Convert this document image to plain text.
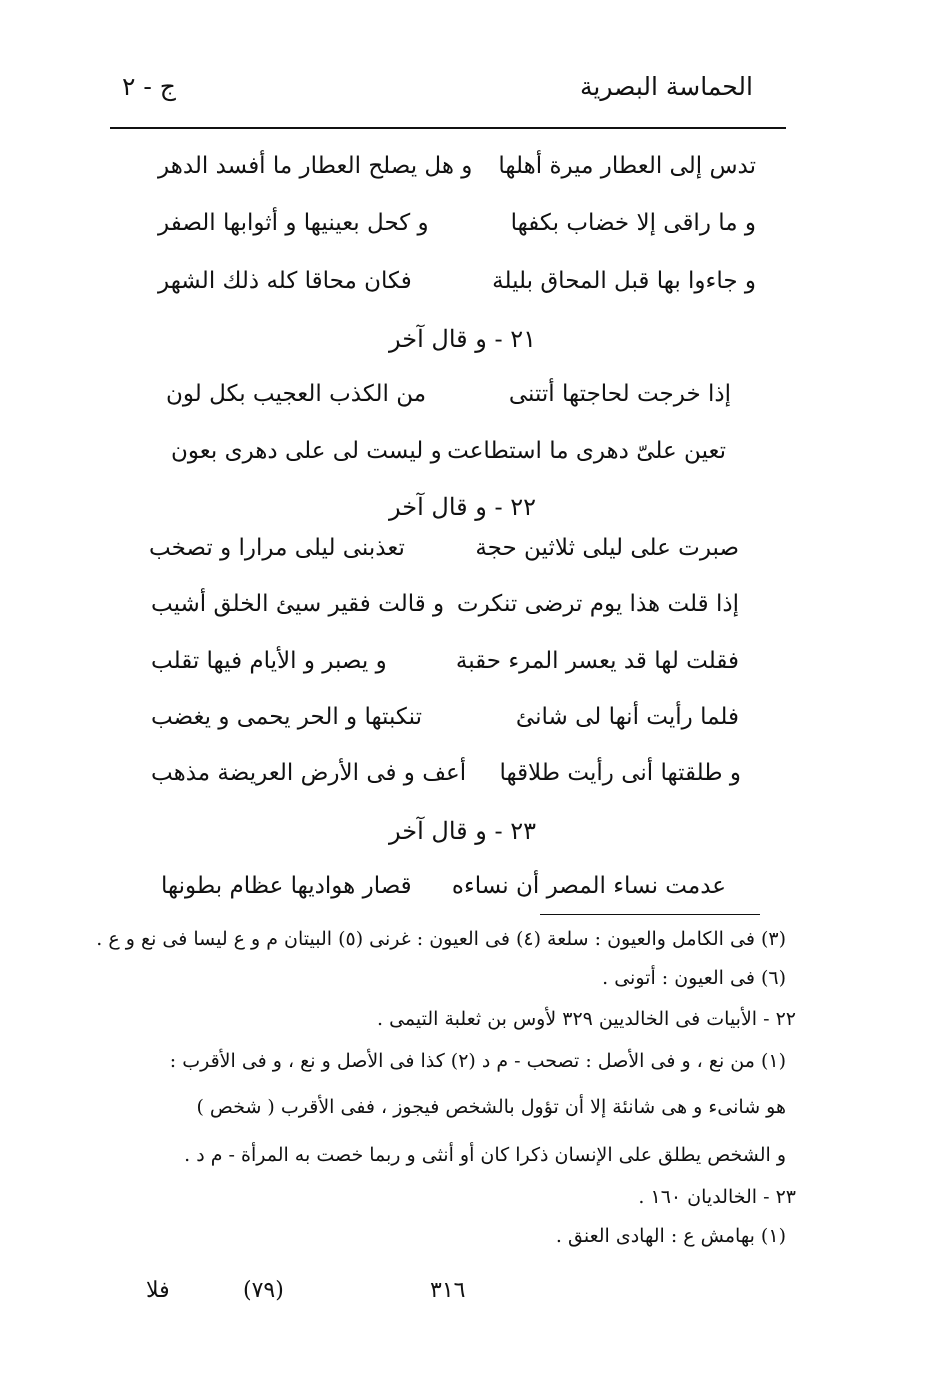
الحماسة البصرية
ج - ٢
تدس إلى العطار ميرة أهلها
و هل يصلح العطار ما أفسد الدهر
و ما راقى إلا خضاب بكفها
و كحل بعينيها و أثوابها الصفر
و جاءوا بها قبل المحاق بليلة
فكان محاقا كله ذلك الشهر
٢١ - و قال آخر
إذا خرجت لحاجتها أتتنى
من الكذب العجيب بكل لون
تعين علىّ دهرى ما استطاعت
و ليست لى على دهرى بعون
٢٢ - و قال آخر
صبرت على ليلى ثلاثين حجة
تعذبنى ليلى مرارا و تصخب
إذا قلت هذا يوم ترضى تنكرت
و قالت فقير سيئ الخلق أشيب
فقلت لها قد يعسر المرء حقبة
و يصبر و الأيام فيها تقلب
فلما رأيت أنها لى شانئ
تنكبتها و الحر يحمى و يغضب
و طلقتها أنى رأيت طلاقها
أعف و فى الأرض العريضة مذهب
٢٣ - و قال آخر
عدمت نساء المصر أن نساءه
قصار هواديها عظام بطونها
(٣) فى الكامل والعيون : سلعة (٤) فى العيون : غرنى (٥) البيتان م و ع ليسا فى نع و ع .
(٦) فى العيون : أتونى .
٢٢ - الأبيات فى الخالديين ٣٢٩ لأوس بن ثعلبة التيمى .
(١) من نع ، و فى الأصل : تصحب - م د (٢) كذا فى الأصل و نع ، و فى الأقرب :
هو شانىء و هى شانئة إلا أن تؤول بالشخص فيجوز ، ففى الأقرب ( شخص )
و الشخص يطلق على الإنسان ذكرا كان أو أنثى و ربما خصت به المرأة - م د .
٢٣ - الخالديان ١٦٠ .
(١) بهامش ع : الهادى العنق .
٣١٦
(٧٩)
فلا
